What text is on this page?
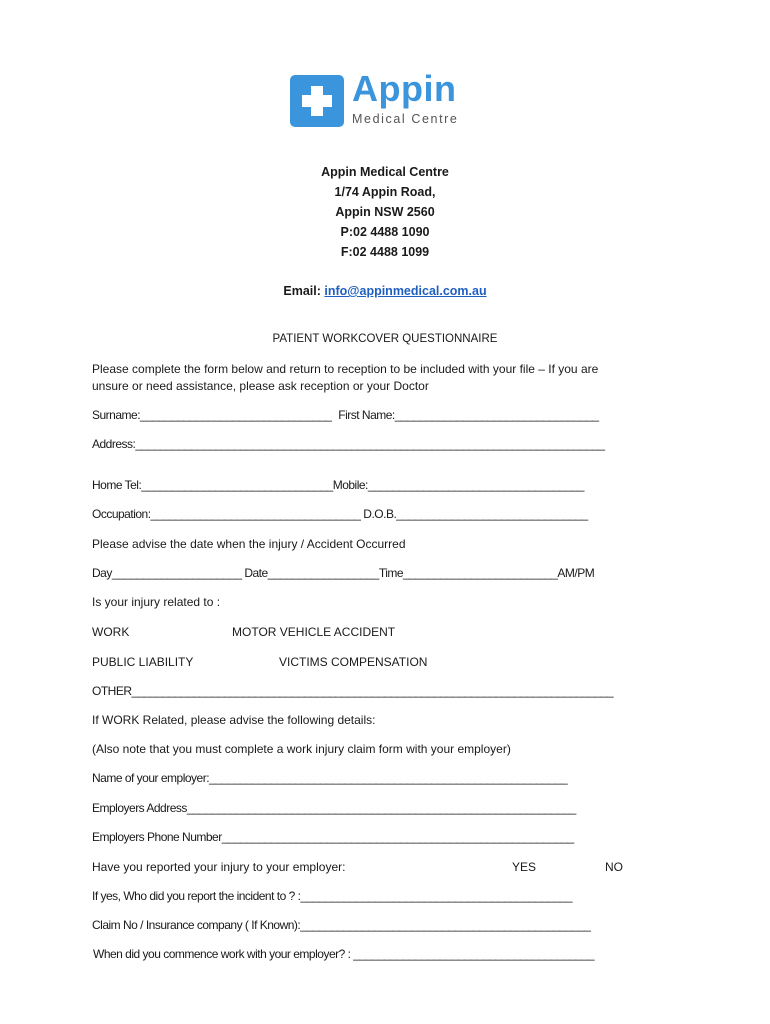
Appin
Medical Centre
Appin Medical Centre
1/74 Appin Road,
Appin NSW 2560
P:02 4488 1090
F:02 4488 1099
Email: info@appinmedical.com.au
PATIENT WORKCOVER QUESTIONNAIRE
Please complete the form below and return to reception to be included with your file – If you are
unsure or need assistance, please ask reception or your Doctor
Surname:_______________________________ First Name:_________________________________
Address:____________________________________________________________________________
Home Tel:_______________________________Mobile:___________________________________
Occupation:__________________________________ D.O.B._______________________________
Please advise the date when the injury / Accident Occurred
Day_____________________ Date__________________Time_________________________AM/PM
Is your injury related to :
WORK	MOTOR VEHICLE ACCIDENT
PUBLIC LIABILITY	VICTIMS COMPENSATION
OTHER______________________________________________________________________________
If WORK Related, please advise the following details:
(Also note that you must complete a work injury claim form with your employer)
Name of your employer:__________________________________________________________
Employers Address_______________________________________________________________
Employers Phone Number_________________________________________________________
Have you reported your injury to your employer:	YES	NO
If yes, Who did you report the incident to ? :____________________________________________
Claim No / Insurance company ( If Known):_______________________________________________
When did you commence work with your employer? : _______________________________________
